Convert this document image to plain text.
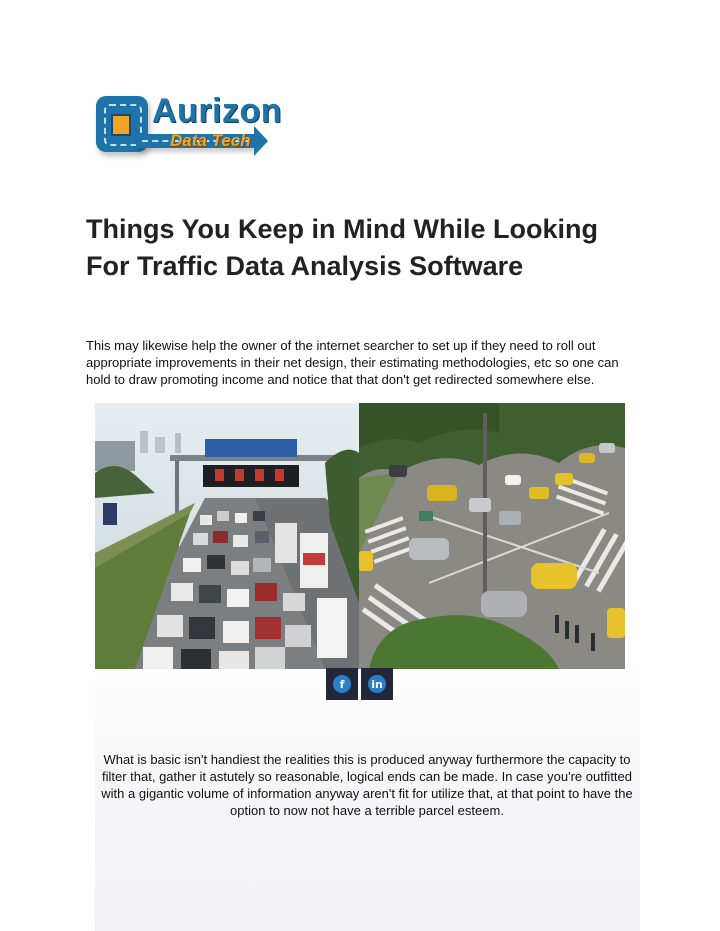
Aurizon
Data Tech
Things You Keep in Mind While Looking For Traffic Data Analysis Software

This may likewise help the owner of the internet searcher to set up if they need to roll out appropriate improvements in their net design, their estimating methodologies, etc so one can hold to draw promoting income and notice that that don't get redirected somewhere else.

f	in

What is basic isn't handiest the realities this is produced anyway furthermore the capacity to filter that, gather it astutely so reasonable, logical ends can be made. In case you're outfitted with a gigantic volume of information anyway aren't fit for utilize that, at that point to have the option to now not have a terrible parcel esteem.
